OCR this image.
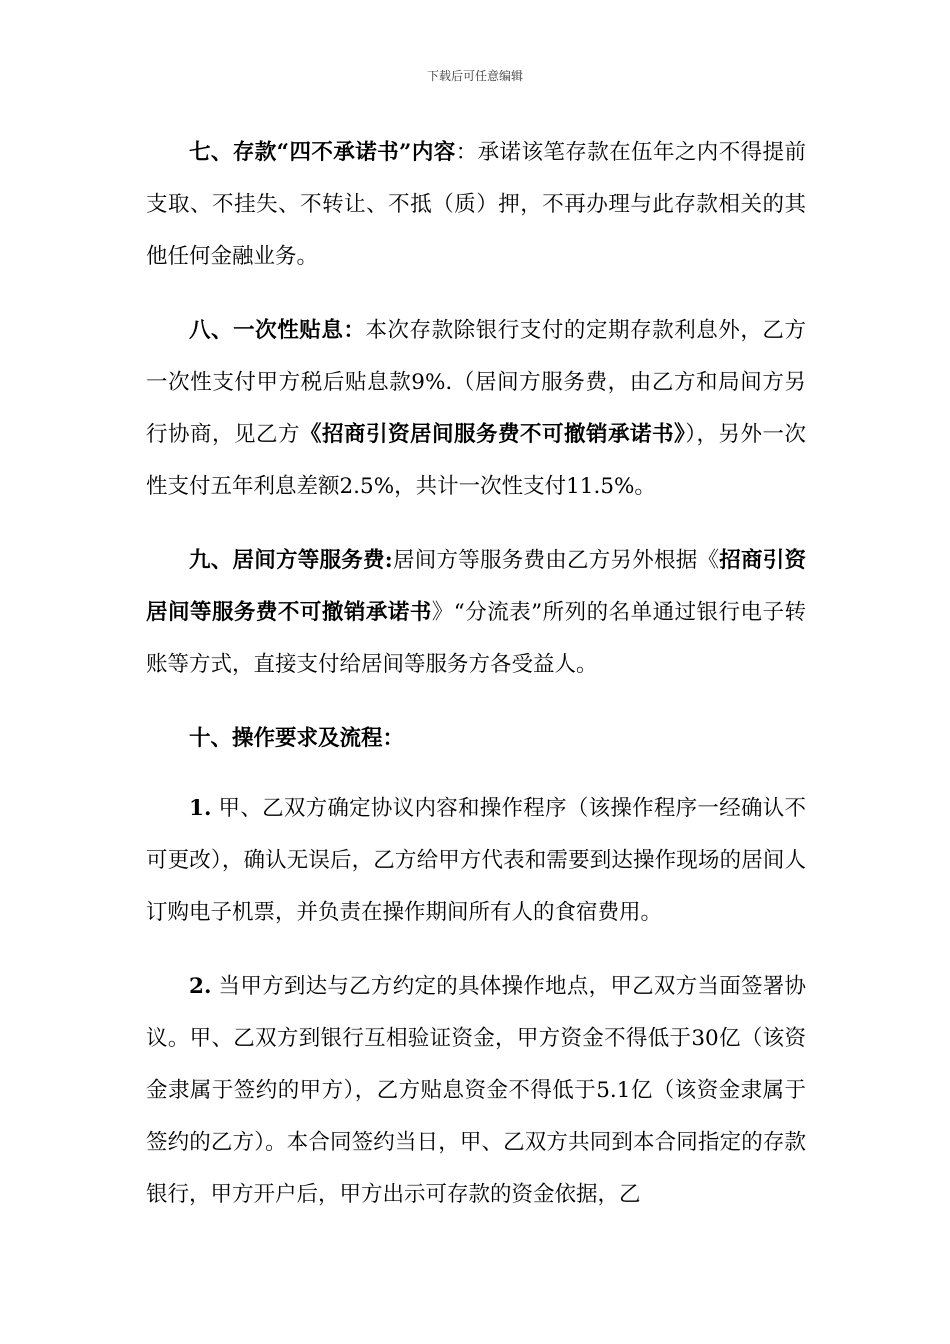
下载后可任意编辑

七、存款“四不承诺书”内容：承诺该笔存款在伍年之内不得提前支取、不挂失、不转让、不抵（质）押，不再办理与此存款相关的其他任何金融业务。

八、一次性贴息：本次存款除银行支付的定期存款利息外，乙方一次性支付甲方税后贴息款9%.（居间方服务费，由乙方和局间方另行协商，见乙方《招商引资居间服务费不可撤销承诺书》），另外一次性支付五年利息差额2.5%，共计一次性支付11.5%。

九、居间方等服务费:居间方等服务费由乙方另外根据《招商引资居间等服务费不可撤销承诺书》“分流表”所列的名单通过银行电子转账等方式，直接支付给居间等服务方各受益人。

十、操作要求及流程：

1. 甲、乙双方确定协议内容和操作程序（该操作程序一经确认不可更改），确认无误后，乙方给甲方代表和需要到达操作现场的居间人订购电子机票，并负责在操作期间所有人的食宿费用。

2. 当甲方到达与乙方约定的具体操作地点，甲乙双方当面签署协议。甲、乙双方到银行互相验证资金，甲方资金不得低于30亿（该资金隶属于签约的甲方），乙方贴息资金不得低于5.1亿（该资金隶属于签约的乙方）。本合同签约当日，甲、乙双方共同到本合同指定的存款银行，甲方开户后，甲方出示可存款的资金依据，乙
